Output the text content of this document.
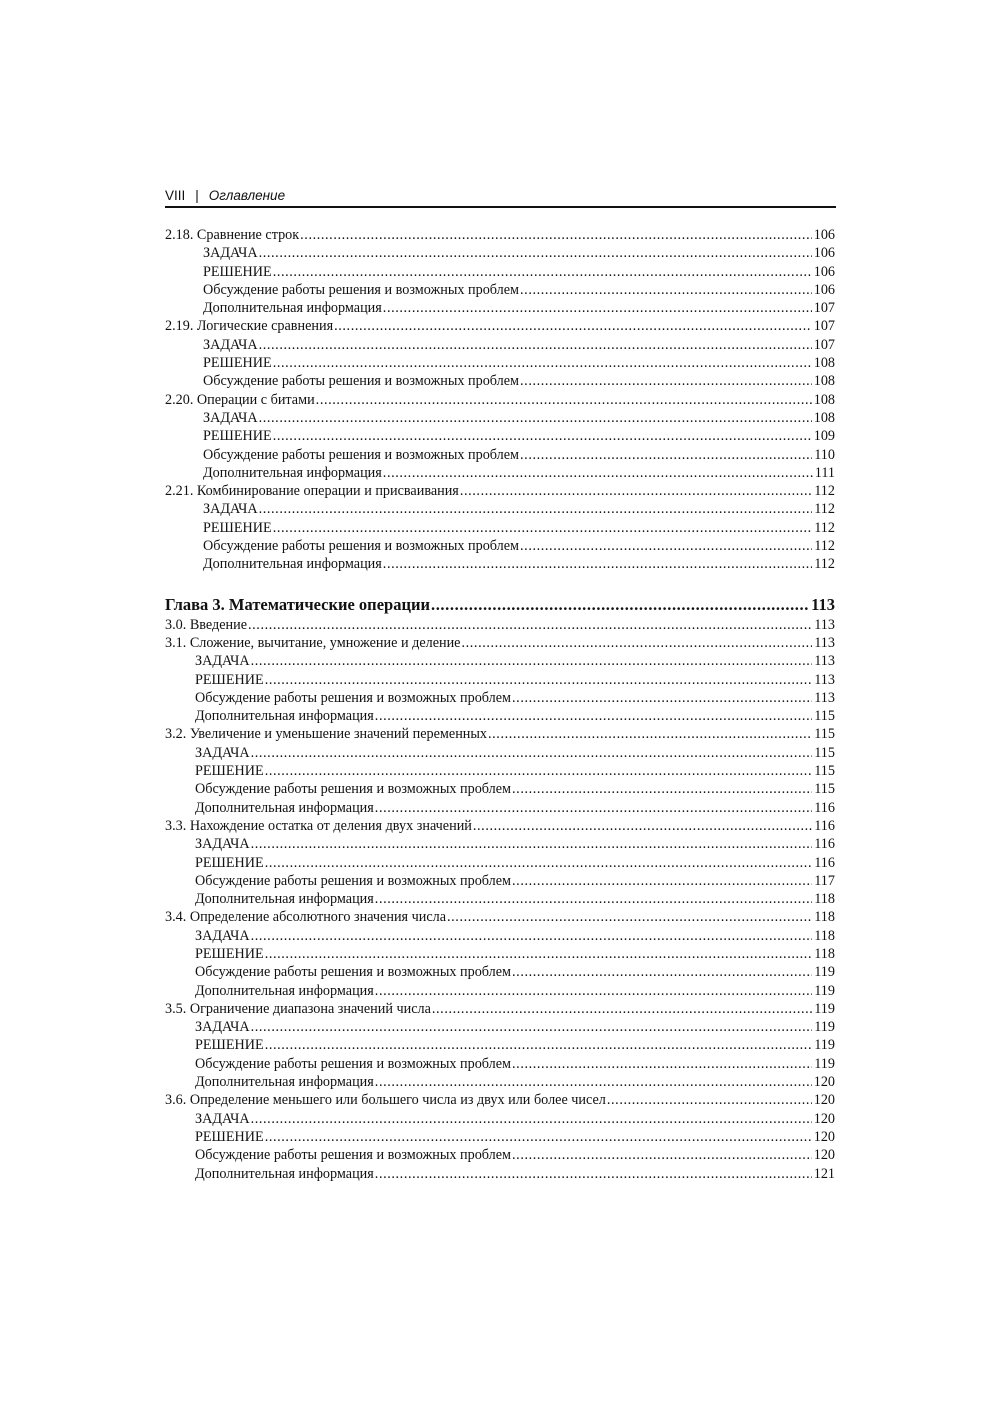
VIII | Оглавление
2.18. Сравнение строк .....	106
ЗАДАЧА .....	106
РЕШЕНИЕ .....	106
Обсуждение работы решения и возможных проблем .....	106
Дополнительная информация .....	107
2.19. Логические сравнения .....	107
ЗАДАЧА .....	107
РЕШЕНИЕ .....	108
Обсуждение работы решения и возможных проблем .....	108
2.20. Операции с битами .....	108
ЗАДАЧА .....	108
РЕШЕНИЕ .....	109
Обсуждение работы решения и возможных проблем .....	110
Дополнительная информация .....	111
2.21. Комбинирование операции и присваивания .....	112
ЗАДАЧА .....	112
РЕШЕНИЕ .....	112
Обсуждение работы решения и возможных проблем .....	112
Дополнительная информация .....	112
Глава 3. Математические операции .....	113
3.0. Введение .....	113
3.1. Сложение, вычитание, умножение и деление .....	113
ЗАДАЧА .....	113
РЕШЕНИЕ .....	113
Обсуждение работы решения и возможных проблем .....	113
Дополнительная информация .....	115
3.2. Увеличение и уменьшение значений переменных .....	115
ЗАДАЧА .....	115
РЕШЕНИЕ .....	115
Обсуждение работы решения и возможных проблем .....	115
Дополнительная информация .....	116
3.3. Нахождение остатка от деления двух значений .....	116
ЗАДАЧА .....	116
РЕШЕНИЕ .....	116
Обсуждение работы решения и возможных проблем .....	117
Дополнительная информация .....	118
3.4. Определение абсолютного значения числа .....	118
ЗАДАЧА .....	118
РЕШЕНИЕ .....	118
Обсуждение работы решения и возможных проблем .....	119
Дополнительная информация .....	119
3.5. Ограничение диапазона значений числа .....	119
ЗАДАЧА .....	119
РЕШЕНИЕ .....	119
Обсуждение работы решения и возможных проблем .....	119
Дополнительная информация .....	120
3.6. Определение меньшего или большего числа из двух или более чисел .....	120
ЗАДАЧА .....	120
РЕШЕНИЕ .....	120
Обсуждение работы решения и возможных проблем .....	120
Дополнительная информация .....	121
